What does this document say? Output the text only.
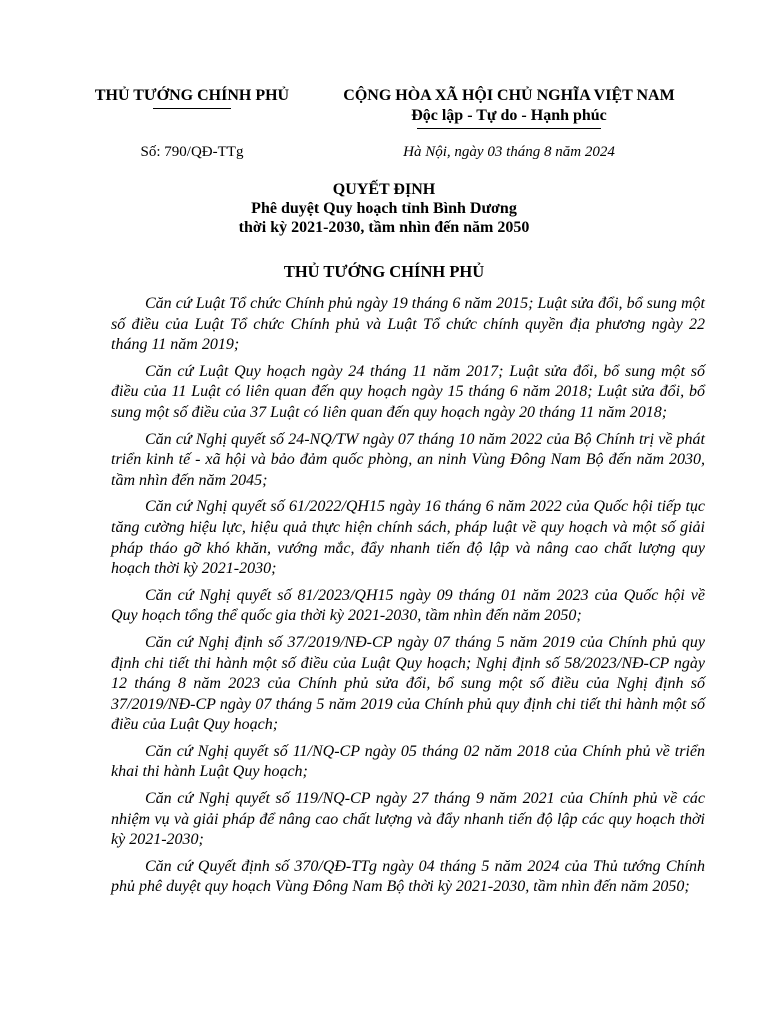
THỦ TƯỚNG CHÍNH PHỦ	CỘNG HÒA XÃ HỘI CHỦ NGHĨA VIỆT NAM
Độc lập - Tự do - Hạnh phúc
Số: 790/QĐ-TTg	Hà Nội, ngày 03 tháng 8 năm 2024
QUYẾT ĐỊNH
Phê duyệt Quy hoạch tỉnh Bình Dương
thời kỳ 2021-2030, tầm nhìn đến năm 2050
THỦ TƯỚNG CHÍNH PHỦ

Căn cứ Luật Tổ chức Chính phủ ngày 19 tháng 6 năm 2015; Luật sửa đổi, bổ sung một số điều của Luật Tổ chức Chính phủ và Luật Tổ chức chính quyền địa phương ngày 22 tháng 11 năm 2019;

Căn cứ Luật Quy hoạch ngày 24 tháng 11 năm 2017; Luật sửa đổi, bổ sung một số điều của 11 Luật có liên quan đến quy hoạch ngày 15 tháng 6 năm 2018; Luật sửa đổi, bổ sung một số điều của 37 Luật có liên quan đến quy hoạch ngày 20 tháng 11 năm 2018;

Căn cứ Nghị quyết số 24-NQ/TW ngày 07 tháng 10 năm 2022 của Bộ Chính trị về phát triển kinh tế - xã hội và bảo đảm quốc phòng, an ninh Vùng Đông Nam Bộ đến năm 2030, tầm nhìn đến năm 2045;

Căn cứ Nghị quyết số 61/2022/QH15 ngày 16 tháng 6 năm 2022 của Quốc hội tiếp tục tăng cường hiệu lực, hiệu quả thực hiện chính sách, pháp luật về quy hoạch và một số giải pháp tháo gỡ khó khăn, vướng mắc, đẩy nhanh tiến độ lập và nâng cao chất lượng quy hoạch thời kỳ 2021-2030;

Căn cứ Nghị quyết số 81/2023/QH15 ngày 09 tháng 01 năm 2023 của Quốc hội về Quy hoạch tổng thể quốc gia thời kỳ 2021-2030, tầm nhìn đến năm 2050;

Căn cứ Nghị định số 37/2019/NĐ-CP ngày 07 tháng 5 năm 2019 của Chính phủ quy định chi tiết thi hành một số điều của Luật Quy hoạch; Nghị định số 58/2023/NĐ-CP ngày 12 tháng 8 năm 2023 của Chính phủ sửa đổi, bổ sung một số điều của Nghị định số 37/2019/NĐ-CP ngày 07 tháng 5 năm 2019 của Chính phủ quy định chi tiết thi hành một số điều của Luật Quy hoạch;

Căn cứ Nghị quyết số 11/NQ-CP ngày 05 tháng 02 năm 2018 của Chính phủ về triển khai thi hành Luật Quy hoạch;

Căn cứ Nghị quyết số 119/NQ-CP ngày 27 tháng 9 năm 2021 của Chính phủ về các nhiệm vụ và giải pháp để nâng cao chất lượng và đẩy nhanh tiến độ lập các quy hoạch thời kỳ 2021-2030;

Căn cứ Quyết định số 370/QĐ-TTg ngày 04 tháng 5 năm 2024 của Thủ tướng Chính phủ phê duyệt quy hoạch Vùng Đông Nam Bộ thời kỳ 2021-2030, tầm nhìn đến năm 2050;
